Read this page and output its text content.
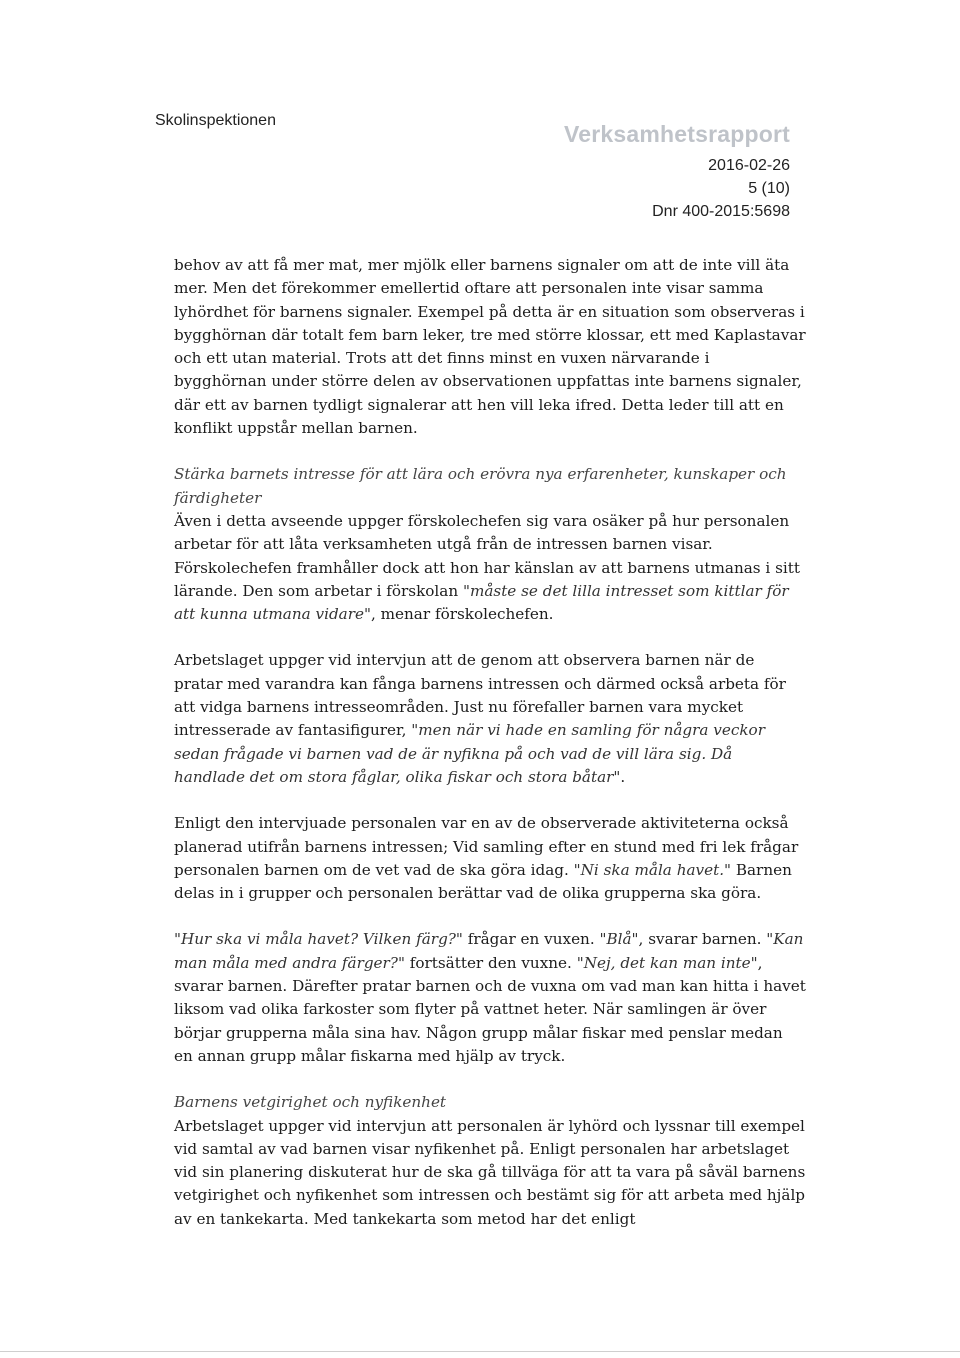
Skolinspektionen
Verksamhetsrapport
2016-02-26
5 (10)
Dnr 400-2015:5698

behov av att få mer mat, mer mjölk eller barnens signaler om att de inte vill äta mer. Men det förekommer emellertid oftare att personalen inte visar samma lyhördhet för barnens signaler. Exempel på detta är en situation som observeras i bygghörnan där totalt fem barn leker, tre med större klossar, ett med Kaplastavar och ett utan material. Trots att det finns minst en vuxen närvarande i bygghörnan under större delen av observationen uppfattas inte barnens signaler, där ett av barnen tydligt signalerar att hen vill leka ifred. Detta leder till att en konflikt uppstår mellan barnen.

Stärka barnets intresse för att lära och erövra nya erfarenheter, kunskaper och färdigheter

Även i detta avseende uppger förskolechefen sig vara osäker på hur personalen arbetar för att låta verksamheten utgå från de intressen barnen visar. Förskolechefen framhåller dock att hon har känslan av att barnens utmanas i sitt lärande. Den som arbetar i förskolan "måste se det lilla intresset som kittlar för att kunna utmana vidare", menar förskolechefen.

Arbetslaget uppger vid intervjun att de genom att observera barnen när de pratar med varandra kan fånga barnens intressen och därmed också arbeta för att vidga barnens intresseområden. Just nu förefaller barnen vara mycket intresserade av fantasifigurer, "men när vi hade en samling för några veckor sedan frågade vi barnen vad de är nyfikna på och vad de vill lära sig. Då handlade det om stora fåglar, olika fiskar och stora båtar".

Enligt den intervjuade personalen var en av de observerade aktiviteterna också planerad utifrån barnens intressen; Vid samling efter en stund med fri lek frågar personalen barnen om de vet vad de ska göra idag. "Ni ska måla havet." Barnen delas in i grupper och personalen berättar vad de olika grupperna ska göra.

"Hur ska vi måla havet? Vilken färg?" frågar en vuxen. "Blå", svarar barnen. "Kan man måla med andra färger?" fortsätter den vuxne. "Nej, det kan man inte", svarar barnen. Därefter pratar barnen och de vuxna om vad man kan hitta i havet liksom vad olika farkoster som flyter på vattnet heter. När samlingen är över börjar grupperna måla sina hav. Någon grupp målar fiskar med penslar medan en annan grupp målar fiskarna med hjälp av tryck.

Barnens vetgirighet och nyfikenhet

Arbetslaget uppger vid intervjun att personalen är lyhörd och lyssnar till exempel vid samtal av vad barnen visar nyfikenhet på. Enligt personalen har arbetslaget vid sin planering diskuterat hur de ska gå tillväga för att ta vara på såväl barnens vetgirighet och nyfikenhet som intressen och bestämt sig för att arbeta med hjälp av en tankekarta. Med tankekarta som metod har det enligt
